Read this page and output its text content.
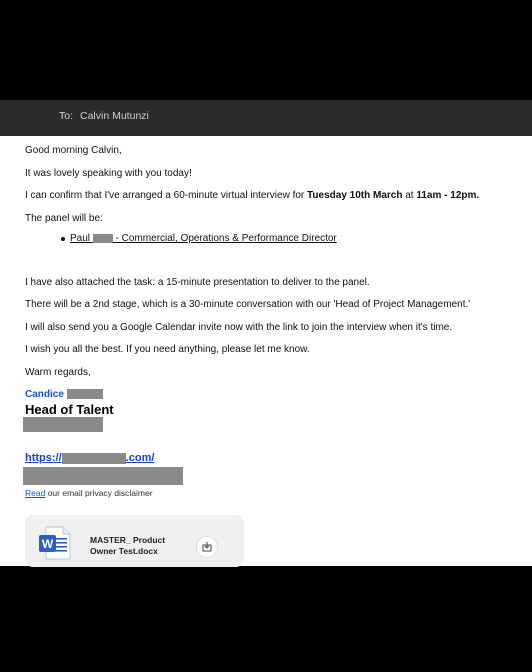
To: Calvin Mutunzi
Good morning Calvin,
It was lovely speaking with you today!
I can confirm that I've arranged a 60-minute virtual interview for Tuesday 10th March at 11am - 12pm.
The panel will be:
Paul  - Commercial, Operations & Performance Director
I have also attached the task: a 15-minute presentation to deliver to the panel.
There will be a 2nd stage, which is a 30-minute conversation with our 'Head of Project Management.'
I will also send you a Google Calendar invite now with the link to join the interview when it's time.
I wish you all the best. If you need anything, please let me know.
Warm regards,
Candice
Head of Talent
https://	.com/
Read our email privacy disclaimer
W	MASTER_ Product
Owner Test.docx
